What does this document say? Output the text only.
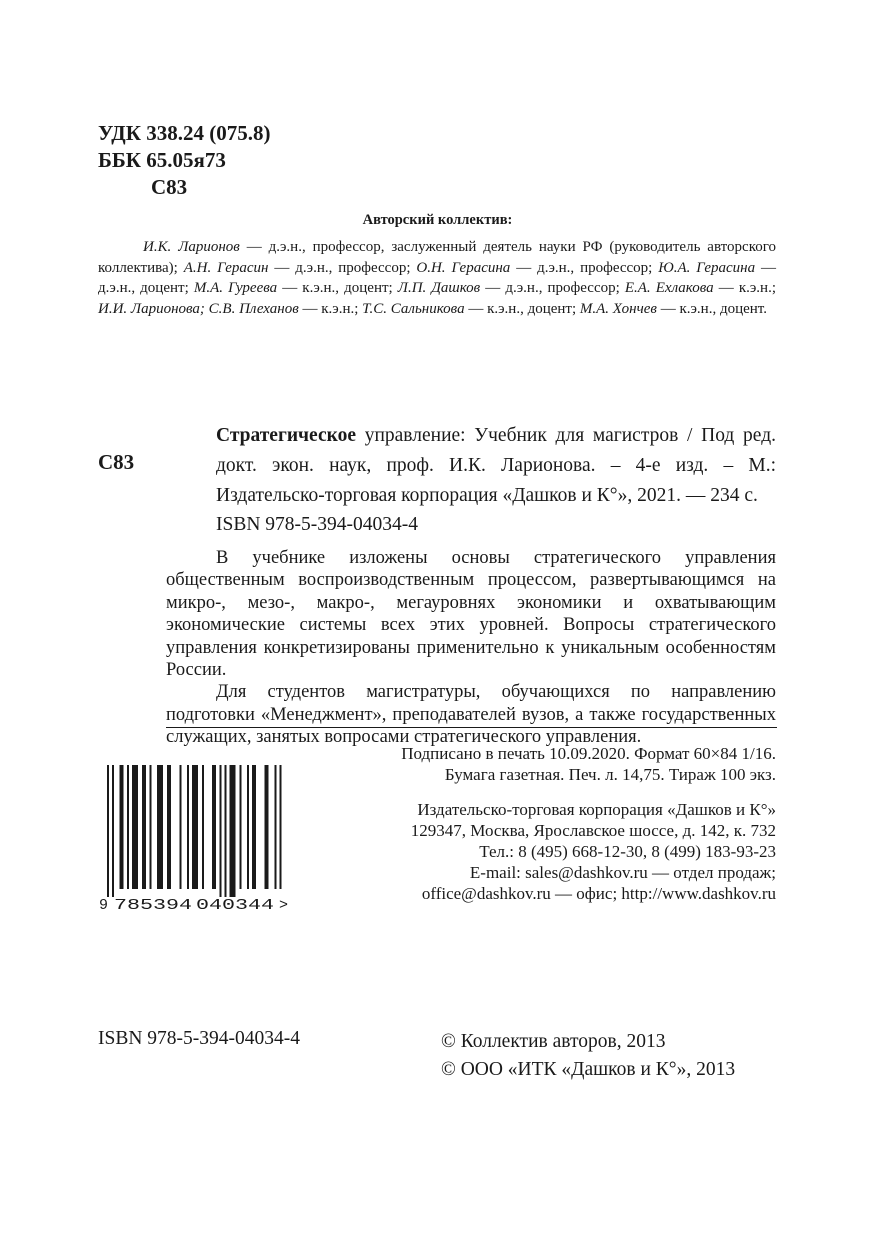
УДК 338.24 (075.8)
ББК 65.05я73
С83
Авторский коллектив:
И.К. Ларионов — д.э.н., профессор, заслуженный деятель науки РФ (руководитель авторского коллектива); А.Н. Герасин — д.э.н., профессор; О.Н. Герасина — д.э.н., профессор; Ю.А. Герасина — д.э.н., доцент; М.А. Гуреева — к.э.н., доцент; Л.П. Дашков — д.э.н., профессор; Е.А. Ехлакова — к.э.н.; И.И. Ларионова; С.В. Плеханов — к.э.н.; Т.С. Сальникова — к.э.н., доцент; М.А. Хончев — к.э.н., доцент.
С83
Стратегическое управление: Учебник для магистров / Под ред. докт. экон. наук, проф. И.К. Ларионова. – 4-е изд. – М.: Издательско-торговая корпорация «Дашков и К°», 2021. — 234 с.
ISBN 978-5-394-04034-4

В учебнике изложены основы стратегического управления общественным воспроизводственным процессом, развертывающимся на микро-, мезо-, макро-, мегауровнях экономики и охватывающим экономические системы всех этих уровней. Вопросы стратегического управления конкретизированы применительно к уникальным особенностям России.

Для студентов магистратуры, обучающихся по направлению подготовки «Менеджмент», преподавателей вузов, а также государственных служащих, занятых вопросами стратегического управления.

9 785394 040344 >
Подписано в печать 10.09.2020. Формат 60×84 1/16.
Бумага газетная. Печ. л. 14,75. Тираж 100 экз.
Издательско-торговая корпорация «Дашков и К°»
129347, Москва, Ярославское шоссе, д. 142, к. 732
Тел.: 8 (495) 668-12-30, 8 (499) 183-93-23
E-mail: sales@dashkov.ru — отдел продаж;
office@dashkov.ru — офис; http://www.dashkov.ru
ISBN 978-5-394-04034-4	© Коллектив авторов, 2013
© ООО «ИТК «Дашков и К°», 2013
